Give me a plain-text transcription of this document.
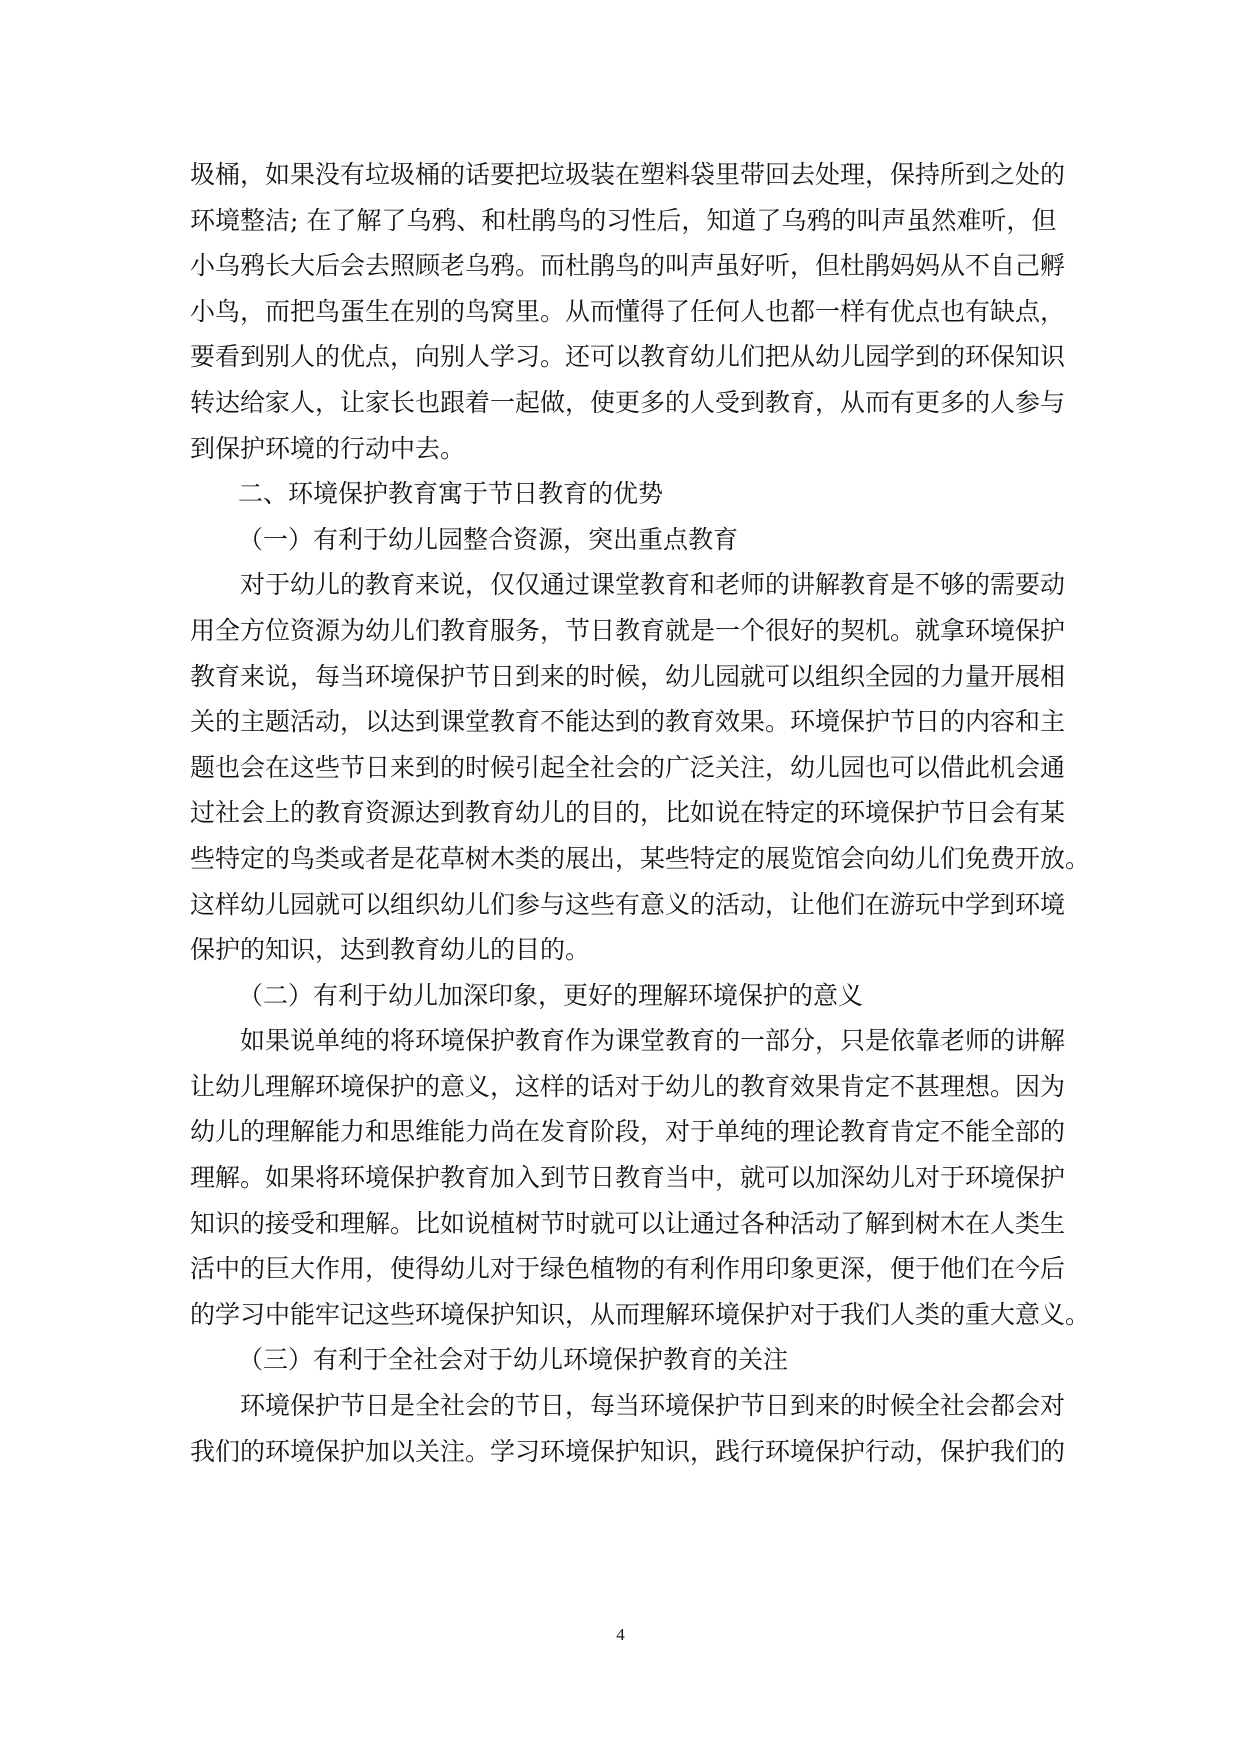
圾桶，如果没有垃圾桶的话要把垃圾装在塑料袋里带回去处理，保持所到之处的
环境整洁; 在了解了乌鸦、和杜鹃鸟的习性后，知道了乌鸦的叫声虽然难听，但
小乌鸦长大后会去照顾老乌鸦。而杜鹃鸟的叫声虽好听，但杜鹃妈妈从不自己孵
小鸟，而把鸟蛋生在别的鸟窝里。从而懂得了任何人也都一样有优点也有缺点，
要看到别人的优点，向别人学习。还可以教育幼儿们把从幼儿园学到的环保知识
转达给家人，让家长也跟着一起做，使更多的人受到教育，从而有更多的人参与
到保护环境的行动中去。
二、环境保护教育寓于节日教育的优势
（一）有利于幼儿园整合资源，突出重点教育
对于幼儿的教育来说，仅仅通过课堂教育和老师的讲解教育是不够的需要动
用全方位资源为幼儿们教育服务，节日教育就是一个很好的契机。就拿环境保护
教育来说，每当环境保护节日到来的时候，幼儿园就可以组织全园的力量开展相
关的主题活动，以达到课堂教育不能达到的教育效果。环境保护节日的内容和主
题也会在这些节日来到的时候引起全社会的广泛关注，幼儿园也可以借此机会通
过社会上的教育资源达到教育幼儿的目的，比如说在特定的环境保护节日会有某
些特定的鸟类或者是花草树木类的展出，某些特定的展览馆会向幼儿们免费开放。
这样幼儿园就可以组织幼儿们参与这些有意义的活动，让他们在游玩中学到环境
保护的知识，达到教育幼儿的目的。
（二）有利于幼儿加深印象，更好的理解环境保护的意义
如果说单纯的将环境保护教育作为课堂教育的一部分，只是依靠老师的讲解
让幼儿理解环境保护的意义，这样的话对于幼儿的教育效果肯定不甚理想。因为
幼儿的理解能力和思维能力尚在发育阶段，对于单纯的理论教育肯定不能全部的
理解。如果将环境保护教育加入到节日教育当中，就可以加深幼儿对于环境保护
知识的接受和理解。比如说植树节时就可以让通过各种活动了解到树木在人类生
活中的巨大作用，使得幼儿对于绿色植物的有利作用印象更深，便于他们在今后
的学习中能牢记这些环境保护知识，从而理解环境保护对于我们人类的重大意义。
（三）有利于全社会对于幼儿环境保护教育的关注
环境保护节日是全社会的节日，每当环境保护节日到来的时候全社会都会对
我们的环境保护加以关注。学习环境保护知识，践行环境保护行动，保护我们的
4
